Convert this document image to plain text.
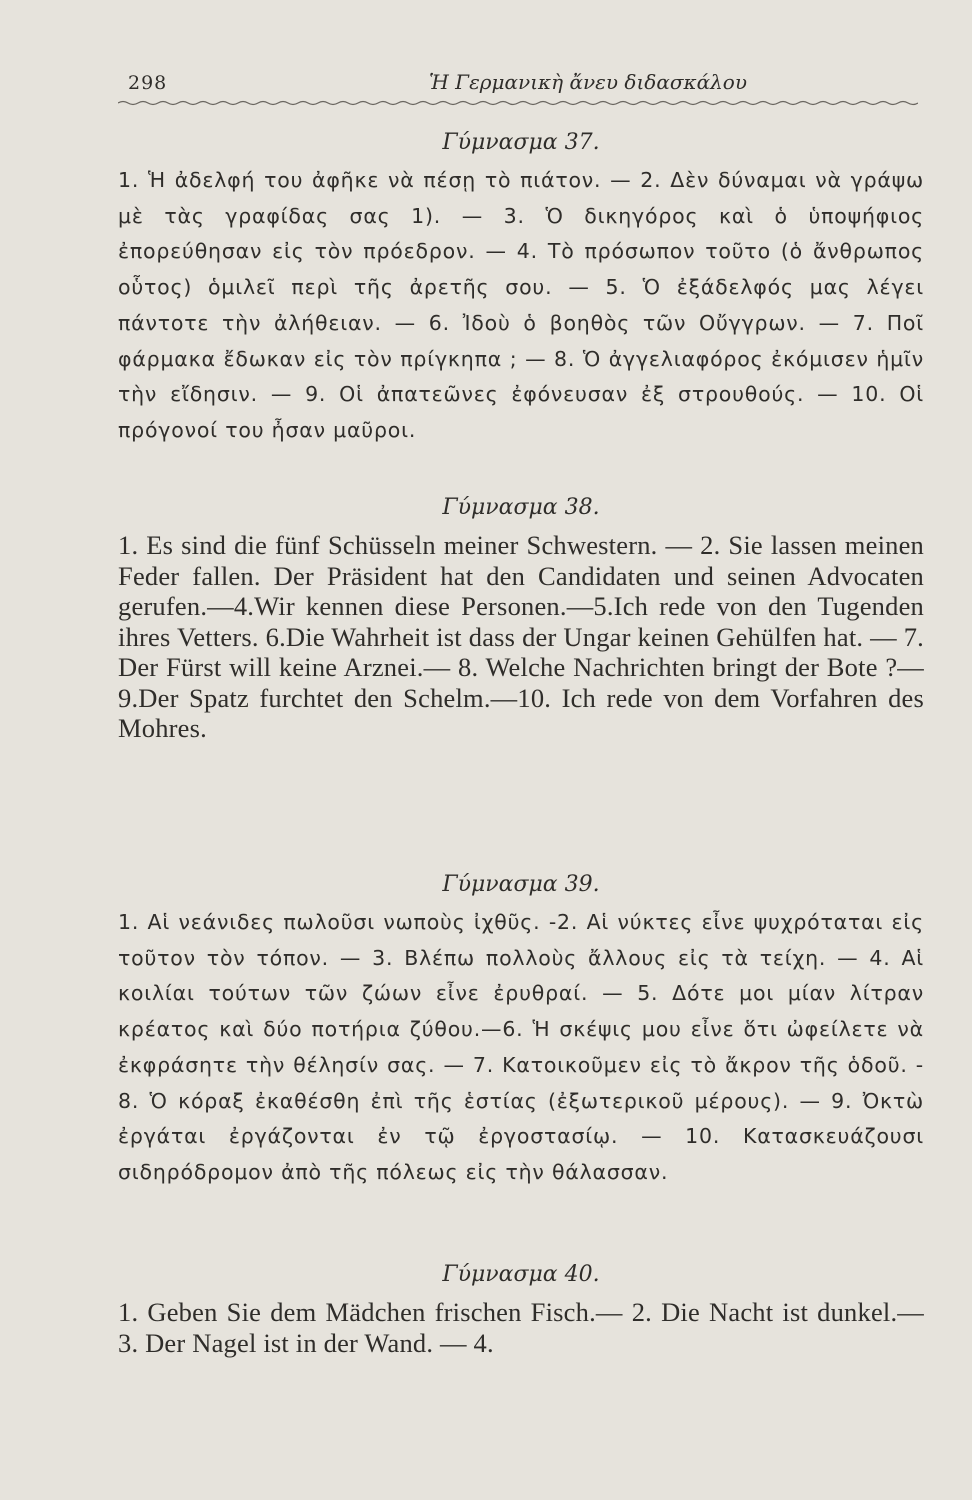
298	Ἡ Γερμανικὴ ἄνευ διδασκάλου
Γύμνασμα 37.
1. Ἡ ἀδελφή του ἀφῆκε νὰ πέσῃ τὸ πιάτον. — 2. Δὲν δύναμαι νὰ γράψω μὲ τὰς γραφίδας σας 1). — 3. Ὁ δικηγόρος καὶ ὁ ὑποψήφιος ἐπορεύθησαν εἰς τὸν πρόεδρον. — 4. Τὸ πρόσωπον τοῦτο (ὁ ἄνθρωπος οὗτος) ὁμιλεῖ περὶ τῆς ἀρετῆς σου. — 5. Ὁ ἐξάδελφός μας λέγει πάντοτε τὴν ἀλήθειαν. — 6. Ἰδοὺ ὁ βοηθὸς τῶν Οὔγγρων. — 7. Ποῖ φάρμακα ἔδωκαν εἰς τὸν πρίγκηπα ; — 8. Ὁ ἀγγελιαφόρος ἐκόμισεν ἡμῖν τὴν εἴδησιν. — 9. Οἱ ἀπατεῶνες ἐφόνευσαν ἐξ στρουθούς. — 10. Οἱ πρόγονοί του ἦσαν μαῦροι.
Γύμνασμα 38.
1. Es sind die fünf Schüsseln meiner Schwestern. — 2. Sie lassen meinen Feder fallen. Der Präsident hat den Candidaten und seinen Advocaten gerufen.—4.Wir kennen diese Personen.—5.Ich rede von den Tugenden ihres Vetters. 6.Die Wahrheit ist dass der Ungar keinen Gehülfen hat. — 7. Der Fürst will keine Arznei.— 8. Welche Nachrichten bringt der Bote ?—9.Der Spatz furchtet den Schelm.—10. Ich rede von dem Vorfahren des Mohres.
Γύμνασμα 39.
1. Αἱ νεάνιδες πωλοῦσι νωποὺς ἰχθῦς. -2. Αἱ νύκτες εἶνε ψυχρόταται εἰς τοῦτον τὸν τόπον. — 3. Βλέπω πολλοὺς ἄλλους εἰς τὰ τείχη. — 4. Αἱ κοιλίαι τούτων τῶν ζώων εἶνε ἐρυθραί. — 5. Δότε μοι μίαν λίτραν κρέατος καὶ δύο ποτήρια ζύθου.—6. Ἡ σκέψις μου εἶνε ὅτι ὠφείλετε νὰ ἐκφράσητε τὴν θέλησίν σας. — 7. Κατοικοῦμεν εἰς τὸ ἄκρον τῆς ὁδοῦ. - 8. Ὁ κόραξ ἐκαθέσθη ἐπὶ τῆς ἑστίας (ἐξωτερικοῦ μέρους). — 9. Ὀκτὼ ἐργάται ἐργάζονται ἐν τῷ ἐργοστασίῳ. — 10. Κατασκευάζουσι σιδηρόδρομον ἀπὸ τῆς πόλεως εἰς τὴν θάλασσαν.
Γύμνασμα 40.
1. Geben Sie dem Mädchen frischen Fisch.— 2. Die Nacht ist dunkel.— 3. Der Nagel ist in der Wand. — 4.
